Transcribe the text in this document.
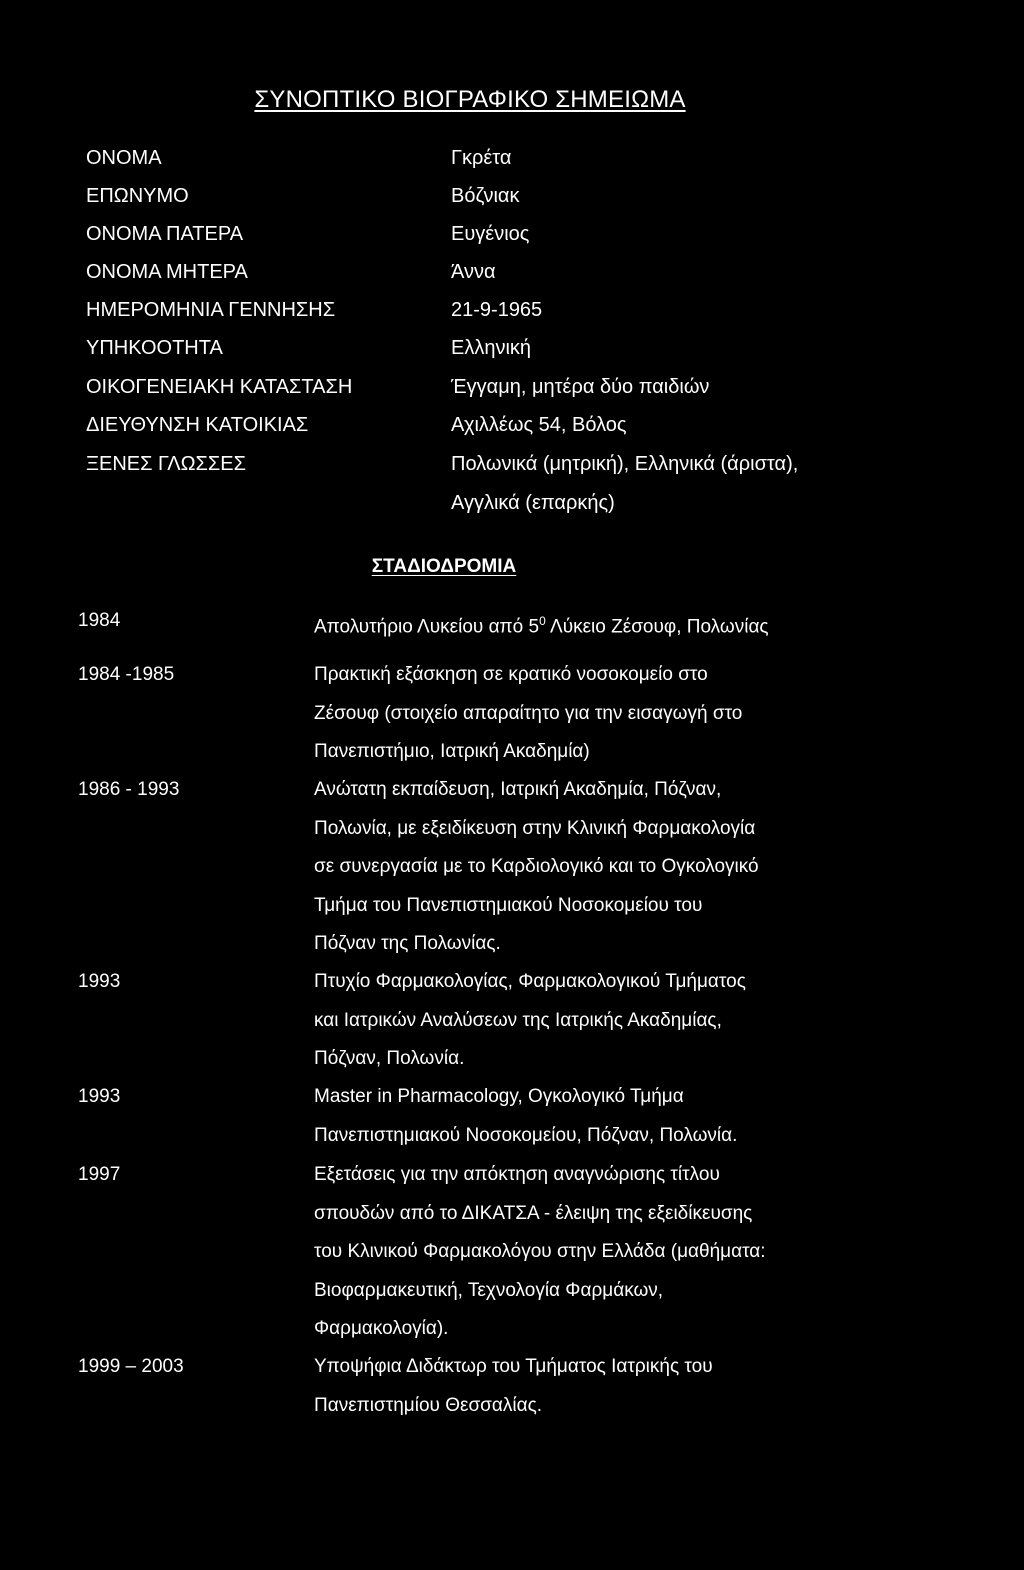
ΣΥΝΟΠΤΙΚΟ ΒΙΟΓΡΑΦΙΚΟ ΣΗΜΕΙΩΜΑ
ΟΝΟΜΑ	Γκρέτα
ΕΠΩΝΥΜΟ	Βόζνιακ
ΟΝΟΜΑ ΠΑΤΕΡΑ	Ευγένιος
ΟΝΟΜΑ ΜΗΤΕΡΑ	Άννα
ΗΜΕΡΟΜΗΝΙΑ ΓΕΝΝΗΣΗΣ	21-9-1965
ΥΠΗΚΟΟΤΗΤΑ	Ελληνική
ΟΙΚΟΓΕΝΕΙΑΚΗ ΚΑΤΑΣΤΑΣΗ	Έγγαμη, μητέρα δύο παιδιών
ΔΙΕΥΘΥΝΣΗ ΚΑΤΟΙΚΙΑΣ	Αχιλλέως 54, Βόλος
ΞΕΝΕΣ ΓΛΩΣΣΕΣ	Πολωνικά (μητρική), Ελληνικά (άριστα),
Αγγλικά (επαρκής)
ΣΤΑΔΙΟΔΡΟΜΙΑ
1984	Απολυτήριο Λυκείου από $5^0$ Λύκειο Ζέσουφ, Πολωνίας
1984 -1985	Πρακτική εξάσκηση σε κρατικό νοσοκομείο στο
Ζέσουφ (στοιχείο απαραίτητο για την εισαγωγή στο
Πανεπιστήμιο, Ιατρική Ακαδημία)
1986 - 1993	Ανώτατη εκπαίδευση, Ιατρική Ακαδημία, Πόζναν,
Πολωνία, με εξειδίκευση στην Κλινική Φαρμακολογία
σε συνεργασία με το Καρδιολογικό και το Ογκολογικό
Τμήμα του Πανεπιστημιακού Νοσοκομείου του
Πόζναν της Πολωνίας.
1993	Πτυχίο Φαρμακολογίας, Φαρμακολογικού Τμήματος
και Ιατρικών Αναλύσεων της Ιατρικής Ακαδημίας,
Πόζναν, Πολωνία.
1993	Master in Pharmacology, Ογκολογικό Τμήμα
Πανεπιστημιακού Νοσοκομείου, Πόζναν, Πολωνία.
1997	Εξετάσεις για την απόκτηση αναγνώρισης τίτλου
σπουδών από το ΔΙΚΑΤΣΑ - έλειψη της εξειδίκευσης
του Κλινικού Φαρμακολόγου στην Ελλάδα (μαθήματα:
Βιοφαρμακευτική, Τεχνολογία Φαρμάκων,
Φαρμακολογία).
1999 – 2003	Υποψήφια Διδάκτωρ του Τμήματος Ιατρικής του
Πανεπιστημίου Θεσσαλίας.
